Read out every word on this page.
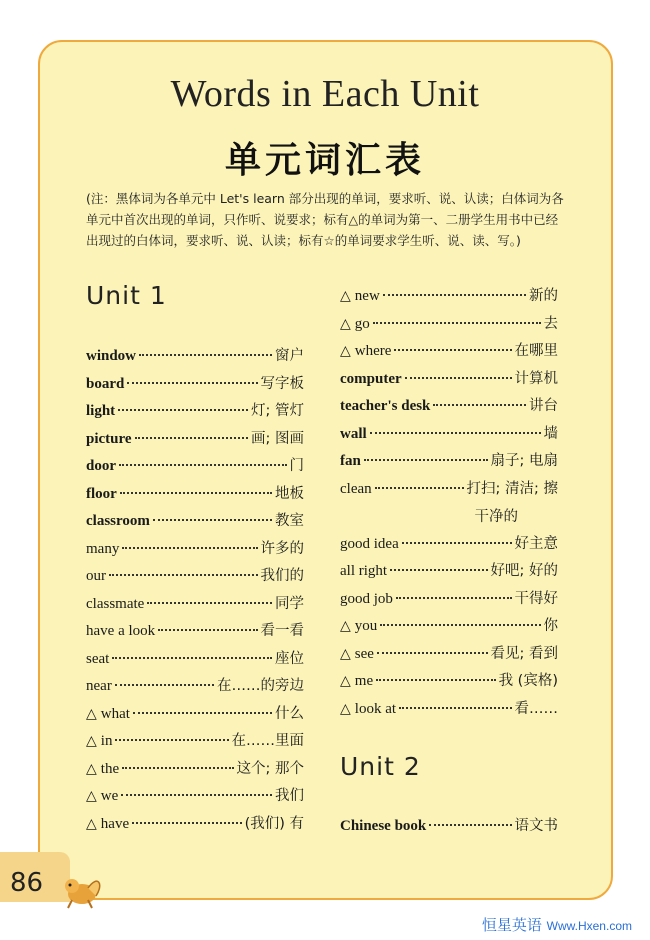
Words in Each Unit
单元词汇表
(注：黑体词为各单元中 Let's learn 部分出现的单词，要求听、说、认读；白体词为各单元中首次出现的单词，只作听、说要求；标有△的单词为第一、二册学生用书中已经出现过的白体词，要求听、说、认读；标有☆的单词要求学生听、说、读、写。)
Unit 1
window	窗户
board	写字板
light	灯; 管灯
picture	画; 图画
door	门
floor	地板
classroom	教室
many	许多的
our	我们的
classmate	同学
have a look	看一看
seat	座位
near	在……的旁边
△ what	什么
△ in	在……里面
△ the	这个; 那个
△ we	我们
△ have	(我们) 有
△ new	新的
△ go	去
△ where	在哪里
computer	计算机
teacher's desk	讲台
wall	墙
fan	扇子; 电扇
clean	打扫; 清洁; 擦
干净的
good idea	好主意
all right	好吧; 好的
good job	干得好
△ you	你
△ see	看见; 看到
△ me	我 (宾格)
△ look at	看……
Unit 2
Chinese book	语文书
86
恒星英语 Www.Hxen.com
